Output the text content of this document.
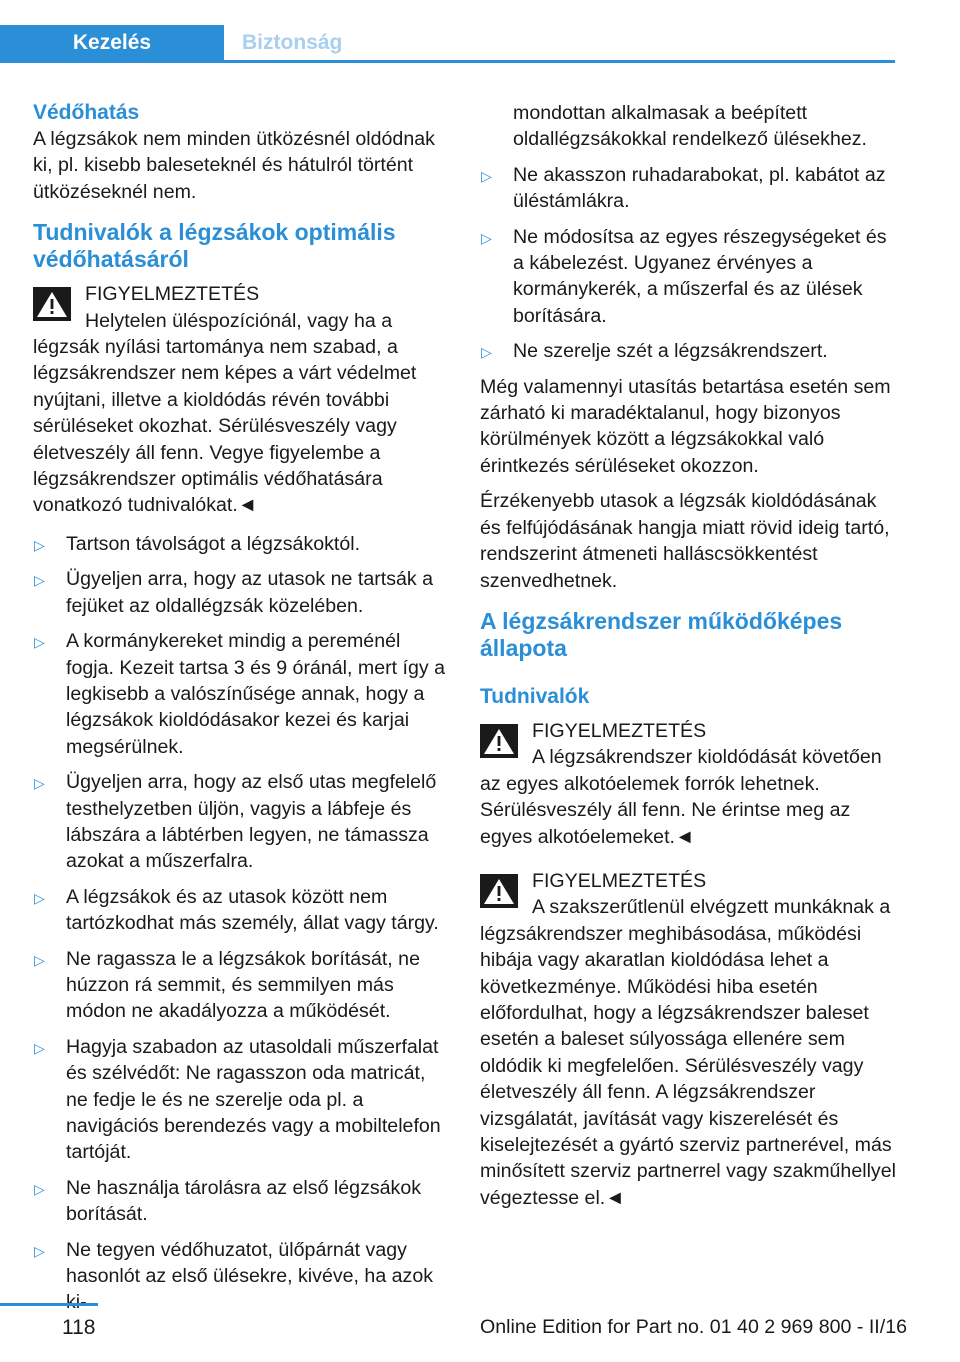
Kezelés	Biztonság

Védőhatás

A légzsákok nem minden ütközésnél oldódnak ki, pl. kisebb baleseteknél és hátulról történt ütközéseknél nem.

Tudnivalók a légzsákok optimális védőhatásáról

FIGYELMEZTETÉS
Helytelen üléspozíciónál, vagy ha a légzsák nyílási tartománya nem szabad, a légzsákrendszer nem képes a várt védelmet nyújtani, illetve a kioldódás révén további sérüléseket okozhat. Sérülésveszély vagy életveszély áll fenn. Vegye figyelembe a légzsákrendszer optimális védőhatására vonatkozó tudnivalókat.◄
▷ Tartson távolságot a légzsákoktól.
▷ Ügyeljen arra, hogy az utasok ne tartsák a fejüket az oldallégzsák közelében.
▷ A kormánykereket mindig a pereménél fogja. Kezeit tartsa 3 és 9 óránál, mert így a legkisebb a valószínűsége annak, hogy a légzsákok kioldódásakor kezei és karjai megsérülnek.
▷ Ügyeljen arra, hogy az első utas megfelelő testhelyzetben üljön, vagyis a lábfeje és lábszára a lábtérben legyen, ne támassza azokat a műszerfalra.
▷ A légzsákok és az utasok között nem tartózkodhat más személy, állat vagy tárgy.
▷ Ne ragassza le a légzsákok borítását, ne húzzon rá semmit, és semmilyen más módon ne akadályozza a működését.
▷ Hagyja szabadon az utasoldali műszerfalat és szélvédőt: Ne ragasszon oda matricát, ne fedje le és ne szerelje oda pl. a navigációs berendezés vagy a mobiltelefon tartóját.
▷ Ne használja tárolásra az első légzsákok borítását.
▷ Ne tegyen védőhuzatot, ülőpárnát vagy hasonlót az első ülésekre, kivéve, ha azok
mondottan alkalmasak a beépített oldallégzsákokkal rendelkező ülésekhez.
▷ Ne akasszon ruhadarabokat, pl. kabátot az üléstámlákra.
▷ Ne módosítsa az egyes részegységeket és a kábelezést. Ugyanez érvényes a kormánykerék, a műszerfal és az ülések borítására.
▷ Ne szerelje szét a légzsákrendszert.

Még valamennyi utasítás betartása esetén sem zárható ki maradéktalanul, hogy bizonyos körülmények között a légzsákokkal való érintkezés sérüléseket okozzon.

Érzékenyebb utasok a légzsák kioldódásának és felfújódásának hangja miatt rövid ideig tartó, rendszerint átmeneti halláscsökkentést szenvedhetnek.

A légzsákrendszer működőképes állapota

Tudnivalók

FIGYELMEZTETÉS
A légzsákrendszer kioldódását követően az egyes alkotóelemek forrók lehetnek. Sérülésveszély áll fenn. Ne érintse meg az egyes alkotóelemeket.◄
FIGYELMEZTETÉS
A szakszerűtlenül elvégzett munkáknak a légzsákrendszer meghibásodása, működési hibája vagy akaratlan kioldódása lehet a következménye. Működési hiba esetén előfordulhat, hogy a légzsákrendszer baleset esetén a baleset súlyossága ellenére sem oldódik ki megfelelően. Sérülésveszély vagy életveszély áll fenn. A légzsákrendszer vizsgálatát, javítását vagy kiszerelését és kiselejtezését a gyártó szerviz partnerével, más minősített szerviz partnerrel vagy szakműhellyel végeztesse el.◄
118	Online Edition for Part no. 01 40 2 969 800 - II/16
